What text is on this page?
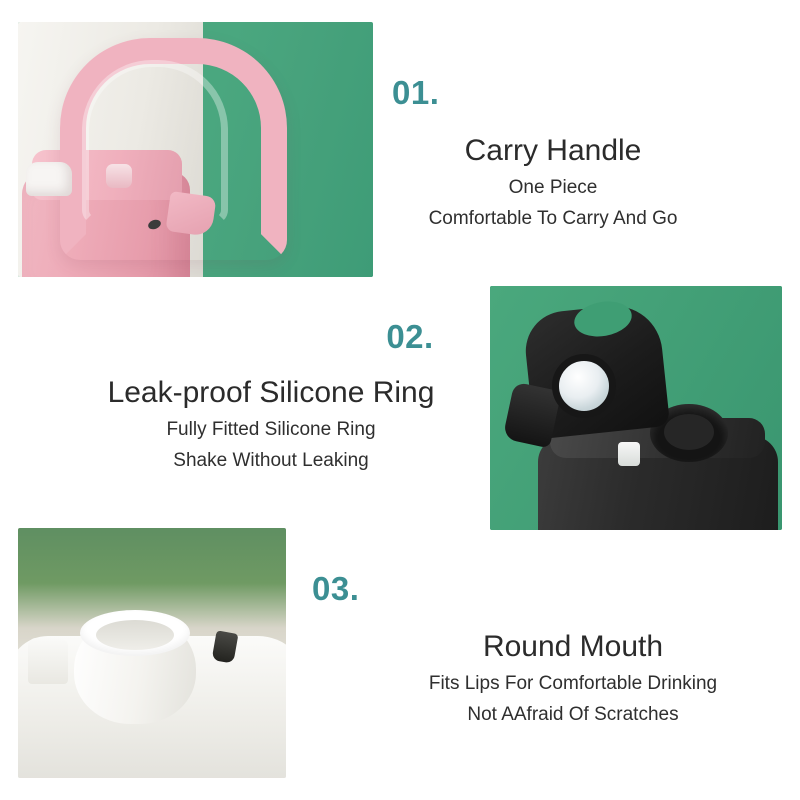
01.
Carry Handle
One Piece
Comfortable To Carry And Go
02.
Leak-proof Silicone Ring
Fully Fitted Silicone Ring
Shake Without Leaking
03.
Round Mouth
Fits Lips For Comfortable Drinking
Not AAfraid Of Scratches
